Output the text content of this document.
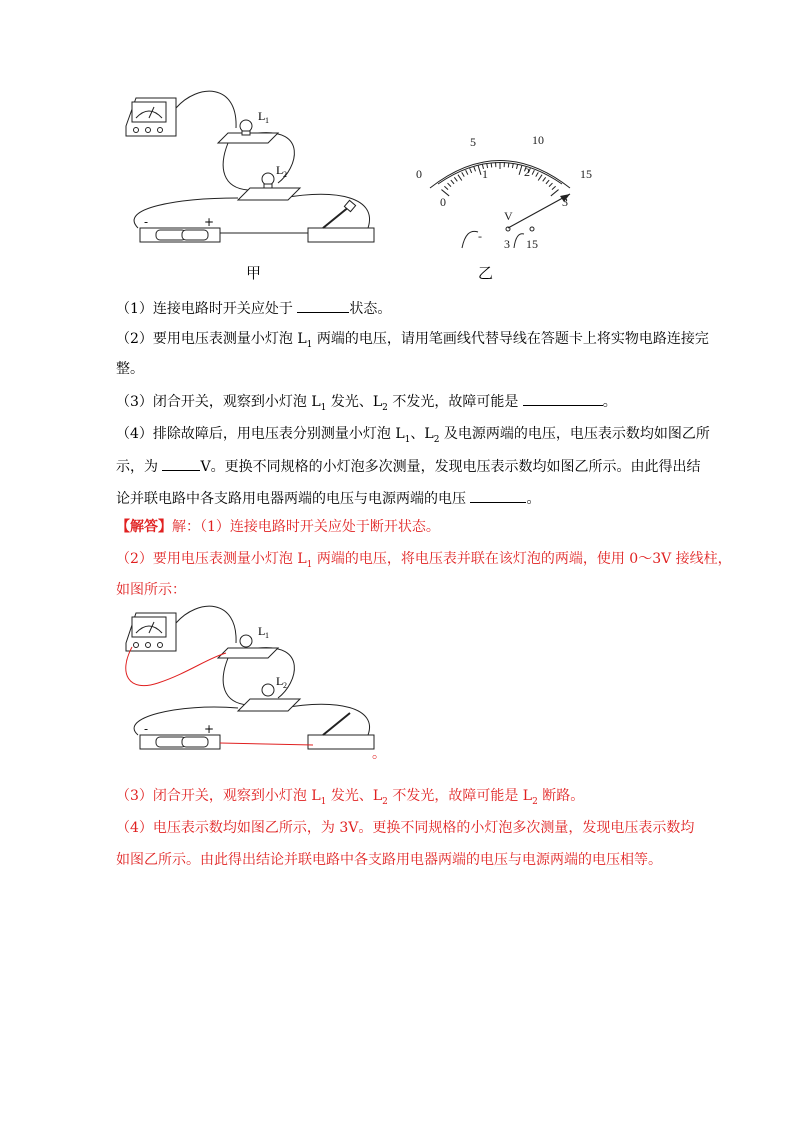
L 1
L 2
-	+
甲
0
5	10
15
0
1	2
3
V
-
3 15
乙
（1）连接电路时开关应处于	状态。
（2）要用电压表测量小灯泡 $L_1$ 两端的电压，请用笔画线代替导线在答题卡上将实物电路连接完
整。
（3）闭合开关，观察到小灯泡 $L_1$ 发光、$L_2$ 不发光，故障可能是	。
（4）排除故障后，用电压表分别测量小灯泡 $L_1$、$L_2$ 及电源两端的电压，电压表示数均如图乙所
示，为	V。更换不同规格的小灯泡多次测量，发现电压表示数均如图乙所示。由此得出结
论并联电路中各支路用电器两端的电压与电源两端的电压	。
【解答】解：（1）连接电路时开关应处于断开状态。
（2）要用电压表测量小灯泡 $L_1$ 两端的电压，将电压表并联在该灯泡的两端，使用 0～3V 接线柱，
如图所示：
L 1
L 2
-	+
。
（3）闭合开关，观察到小灯泡 $L_1$ 发光、$L_2$ 不发光，故障可能是 $L_2$ 断路。
（4）电压表示数均如图乙所示，为 3V。更换不同规格的小灯泡多次测量，发现电压表示数均
如图乙所示。由此得出结论并联电路中各支路用电器两端的电压与电源两端的电压相等。
